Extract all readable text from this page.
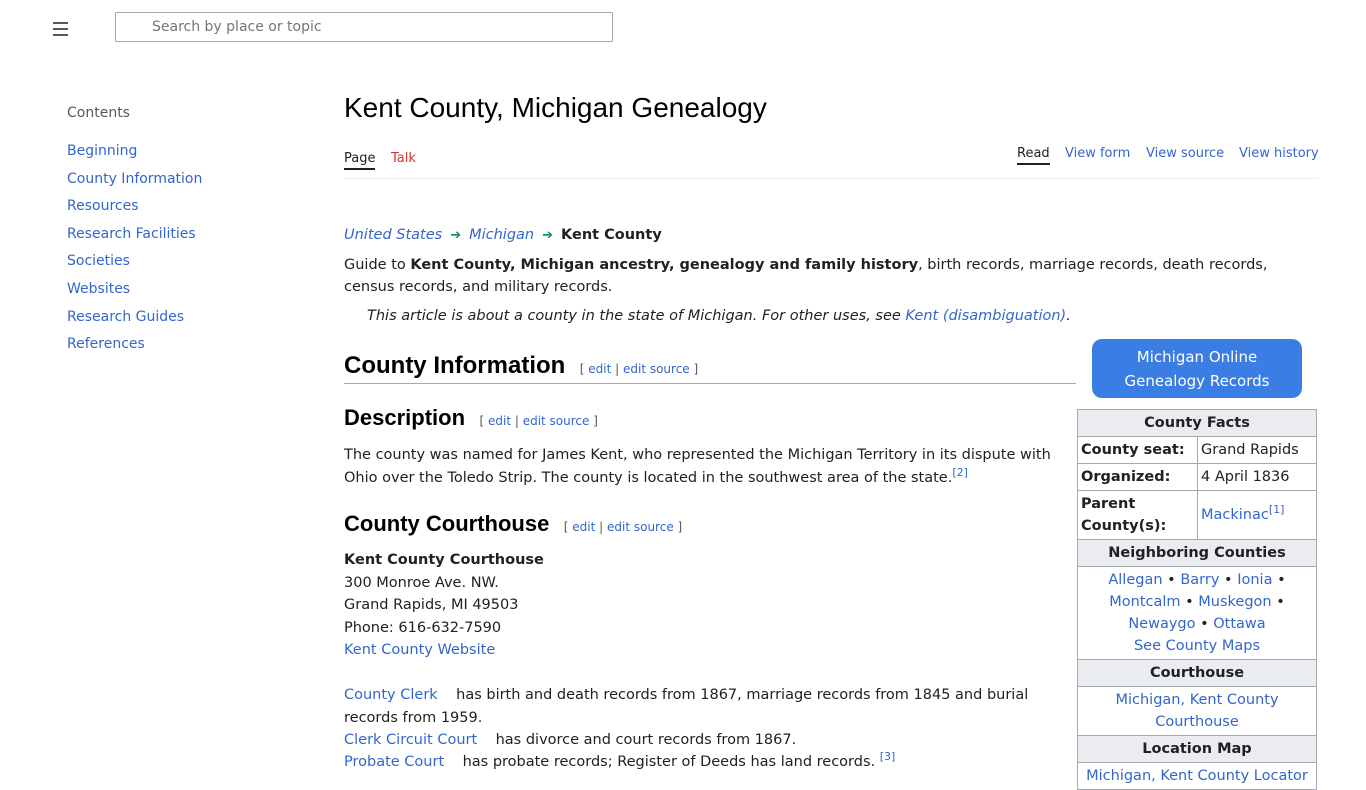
Search by place or topic
Contents
Beginning
County Information
Resources
Research Facilities
Societies
Websites
Research Guides
References
Kent County, Michigan Genealogy
Page Talk	Read View form View source View history
United States ➔ Michigan ➔ Kent County

Guide to Kent County, Michigan ancestry, genealogy and family history, birth records, marriage records, death records, census records, and military records.

This article is about a county in the state of Michigan. For other uses, see Kent (disambiguation).

County Information [ edit | edit source ]
Description [ edit | edit source ]

The county was named for James Kent, who represented the Michigan Territory in its dispute with Ohio over the Toledo Strip. The county is located in the southwest area of the state.[2]

County Courthouse [ edit | edit source ]
Kent County Courthouse
300 Monroe Ave. NW.
Grand Rapids, MI 49503
Phone: 616-632-7590
Kent County Website

County Clerk has birth and death records from 1867, marriage records from 1845 and burial records from 1959.

Clerk Circuit Court has divorce and court records from 1867.

Probate Court has probate records; Register of Deeds has land records. [3]

Michigan Online
Genealogy Records
County Facts	
County seat:	Grand Rapids
Organized:	4 April 1836
Parent County(s):	Mackinac[1]
Neighboring Counties	
Allegan • Barry • Ionia •
Montcalm • Muskegon •
Newaygo • Ottawa
See County Maps	
Courthouse	
Michigan, Kent County Courthouse	
Location Map	
Michigan, Kent County Locator	
